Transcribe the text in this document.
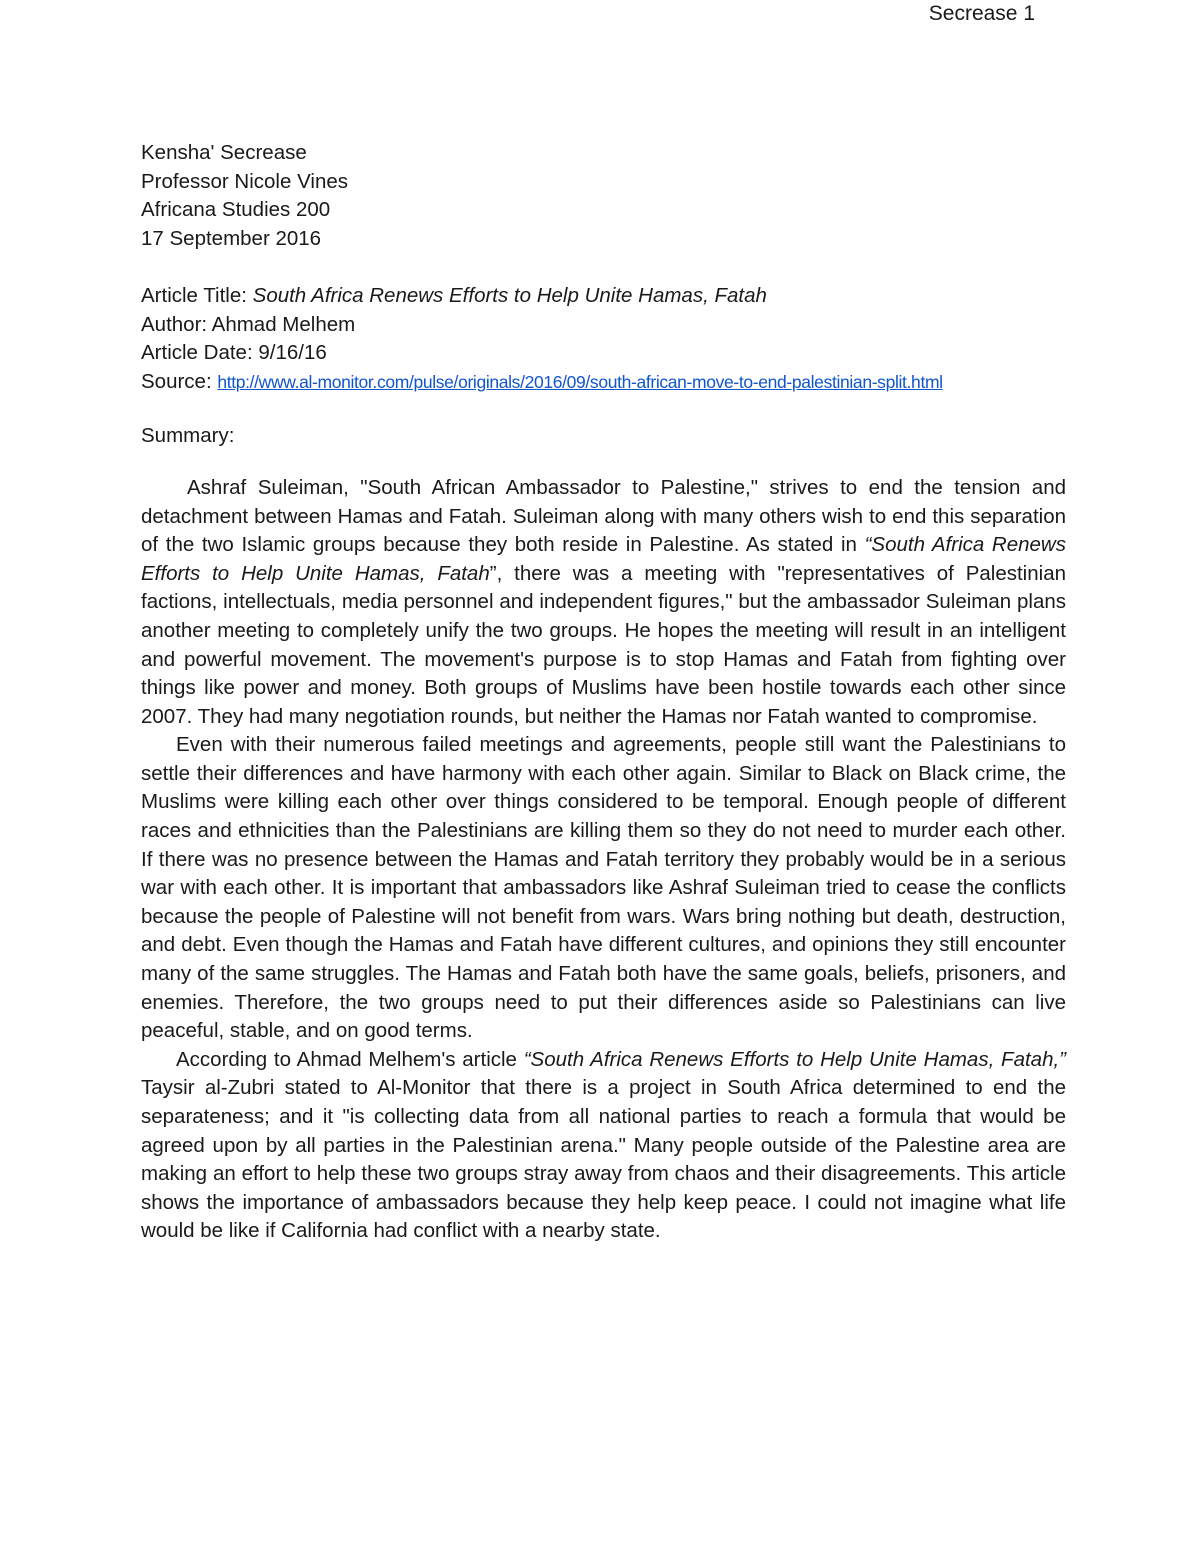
Secrease 1
Kensha' Secrease
Professor Nicole Vines
Africana Studies 200
17 September 2016
Article Title: South Africa Renews Efforts to Help Unite Hamas, Fatah
Author: Ahmad Melhem
Article Date: 9/16/16
Source: http://www.al-monitor.com/pulse/originals/2016/09/south-african-move-to-end-palestinian-split.html
Summary:

Ashraf Suleiman, "South African Ambassador to Palestine," strives to end the tension and detachment between Hamas and Fatah. Suleiman along with many others wish to end this separation of the two Islamic groups because they both reside in Palestine. As stated in “South Africa Renews Efforts to Help Unite Hamas, Fatah”, there was a meeting with "representatives of Palestinian factions, intellectuals, media personnel and independent figures," but the ambassador Suleiman plans another meeting to completely unify the two groups. He hopes the meeting will result in an intelligent and powerful movement. The movement's purpose is to stop Hamas and Fatah from fighting over things like power and money. Both groups of Muslims have been hostile towards each other since 2007. They had many negotiation rounds, but neither the Hamas nor Fatah wanted to compromise.

Even with their numerous failed meetings and agreements, people still want the Palestinians to settle their differences and have harmony with each other again. Similar to Black on Black crime, the Muslims were killing each other over things considered to be temporal. Enough people of different races and ethnicities than the Palestinians are killing them so they do not need to murder each other. If there was no presence between the Hamas and Fatah territory they probably would be in a serious war with each other. It is important that ambassadors like Ashraf Suleiman tried to cease the conflicts because the people of Palestine will not benefit from wars. Wars bring nothing but death, destruction, and debt. Even though the Hamas and Fatah have different cultures, and opinions they still encounter many of the same struggles. The Hamas and Fatah both have the same goals, beliefs, prisoners, and enemies. Therefore, the two groups need to put their differences aside so Palestinians can live peaceful, stable, and on good terms.

According to Ahmad Melhem's article “South Africa Renews Efforts to Help Unite Hamas, Fatah,” Taysir al-Zubri stated to Al-Monitor that there is a project in South Africa determined to end the separateness; and it "is collecting data from all national parties to reach a formula that would be agreed upon by all parties in the Palestinian arena." Many people outside of the Palestine area are making an effort to help these two groups stray away from chaos and their disagreements. This article shows the importance of ambassadors because they help keep peace. I could not imagine what life would be like if California had conflict with a nearby state.
